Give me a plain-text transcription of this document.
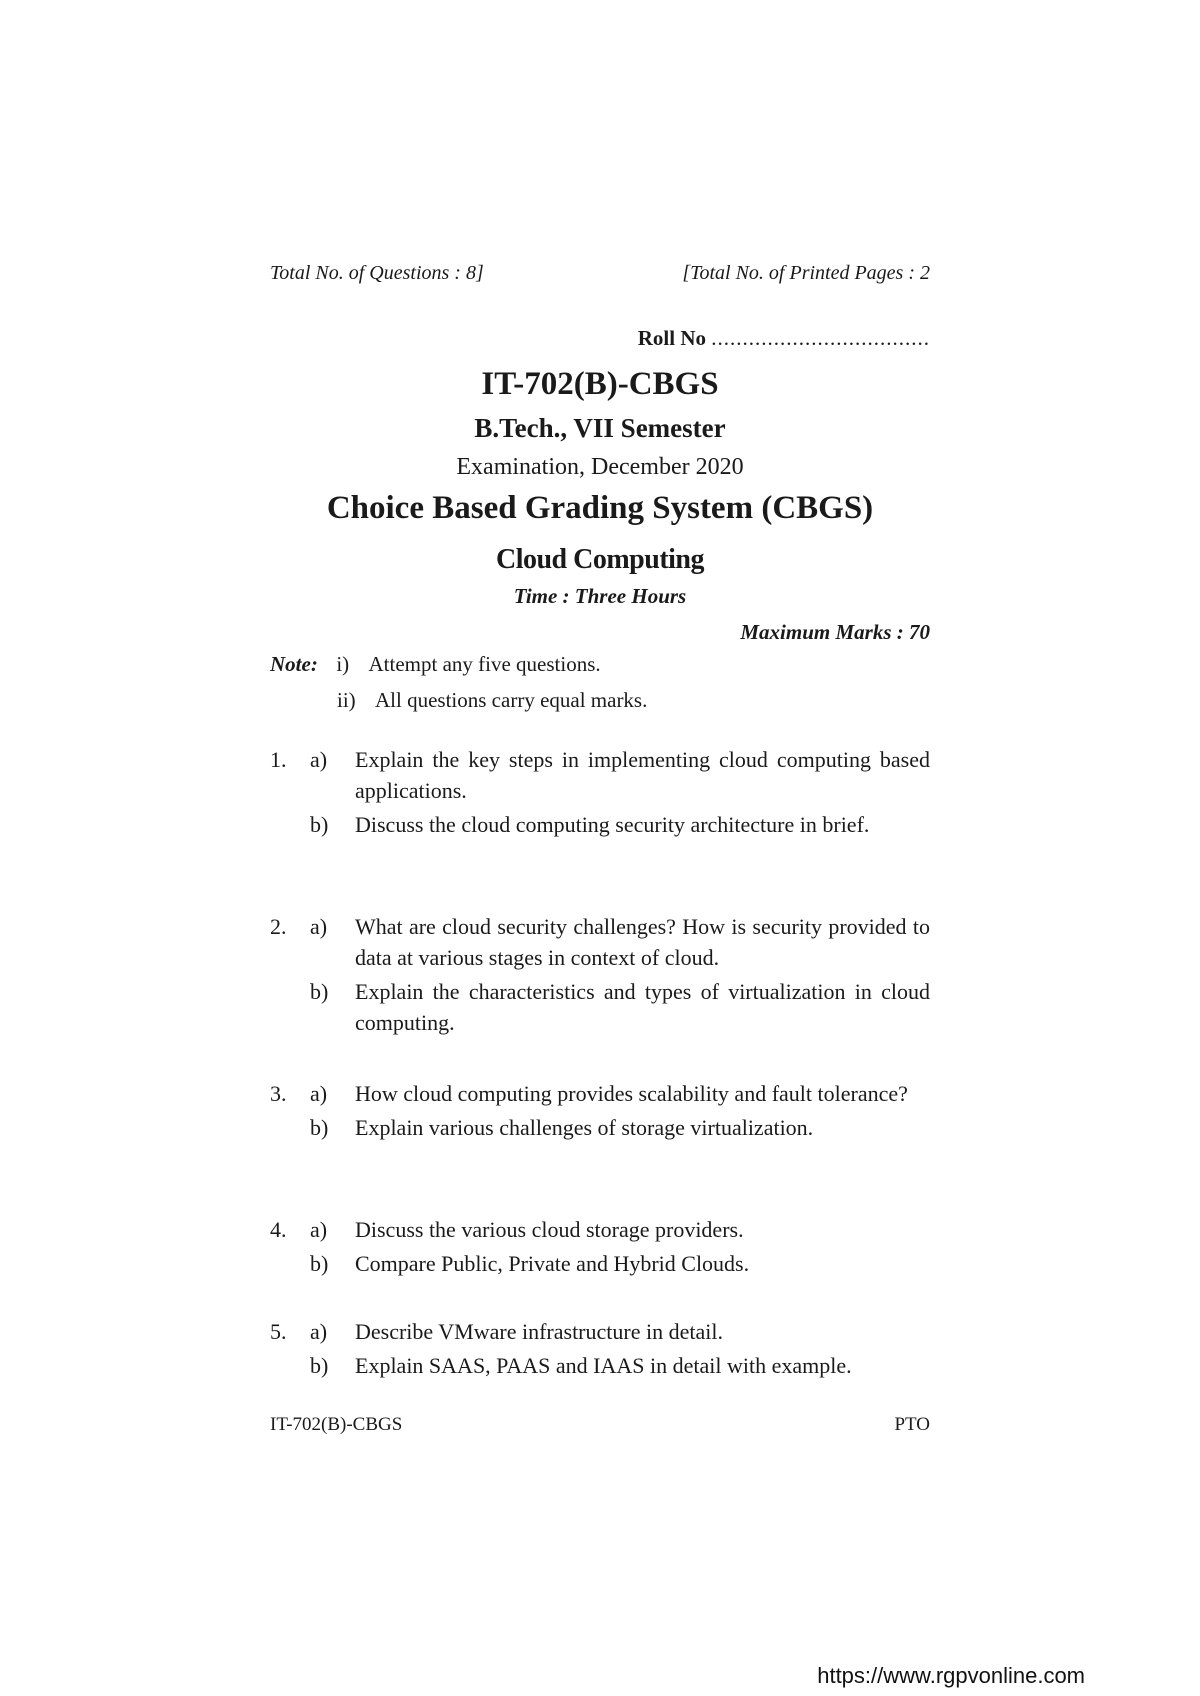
Total No. of Questions : 8]	[Total No. of Printed Pages : 2
Roll No ...................................
IT-702(B)-CBGS
B.Tech., VII Semester
Examination, December 2020
Choice Based Grading System (CBGS)
Cloud Computing
Time : Three Hours
Maximum Marks : 70
Note: i) Attempt any five questions.
ii) All questions carry equal marks.
1. a) Explain the key steps in implementing cloud computing based applications.
b) Discuss the cloud computing security architecture in brief.
2. a) What are cloud security challenges? How is security provided to data at various stages in context of cloud.
b) Explain the characteristics and types of virtualization in cloud computing.
3. a) How cloud computing provides scalability and fault tolerance?
b) Explain various challenges of storage virtualization.
4. a) Discuss the various cloud storage providers.
b) Compare Public, Private and Hybrid Clouds.
5. a) Describe VMware infrastructure in detail.
b) Explain SAAS, PAAS and IAAS in detail with example.
IT-702(B)-CBGS	PTO
https://www.rgpvonline.com
